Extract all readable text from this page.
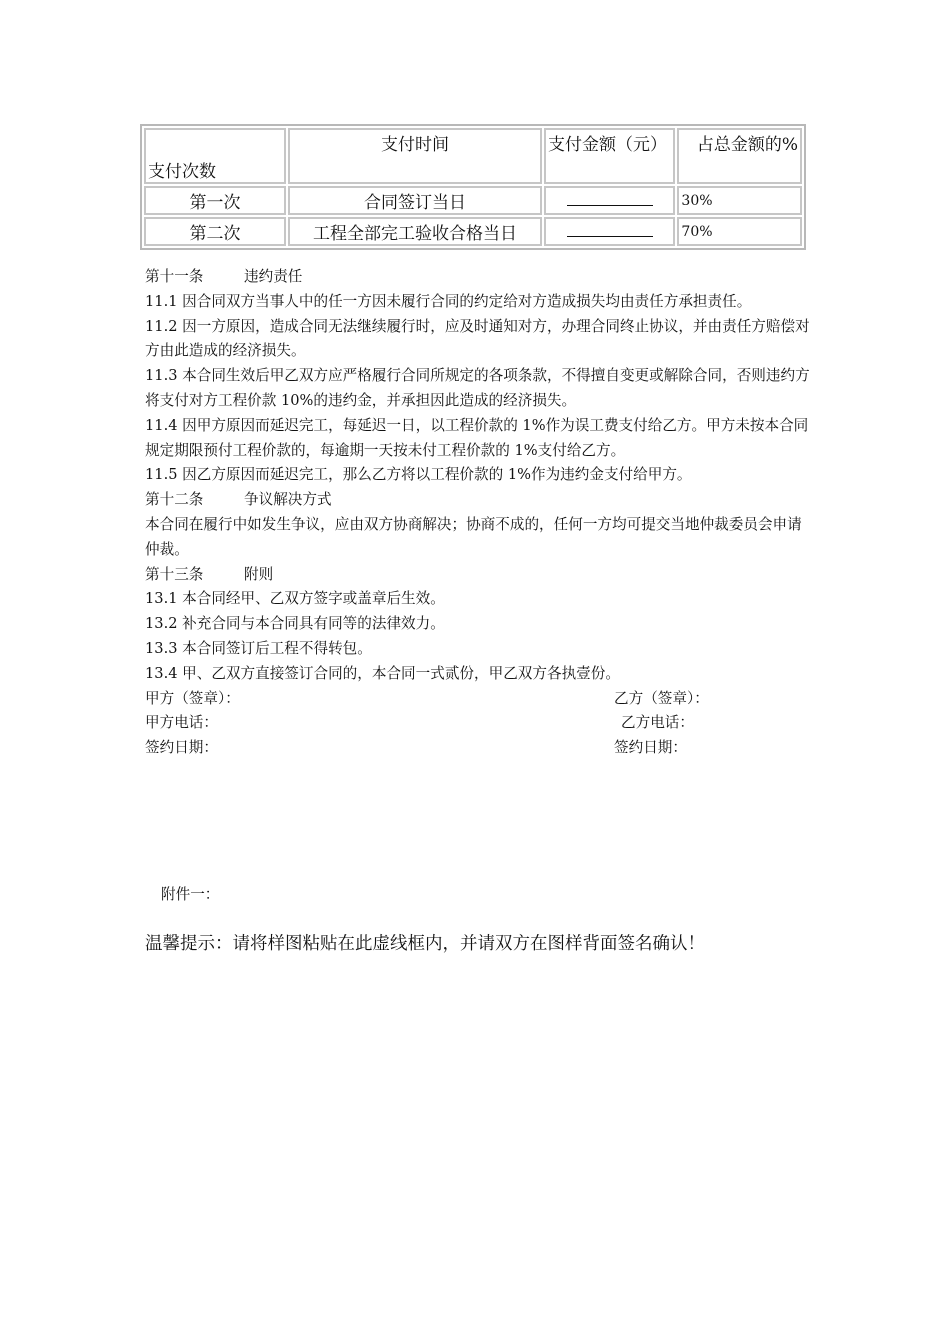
支付次数	支付时间	支付金额（元）	占总金额的%
第一次	合同签订当日		30%
第二次	工程全部完工验收合格当日		70%

第十一条	违约责任

11.1 因合同双方当事人中的任一方因未履行合同的约定给对方造成损失均由责任方承担责任。

11.2 因一方原因，造成合同无法继续履行时，应及时通知对方，办理合同终止协议，并由责任方赔偿对方由此造成的经济损失。

11.3 本合同生效后甲乙双方应严格履行合同所规定的各项条款，不得擅自变更或解除合同，否则违约方将支付对方工程价款 10%的违约金，并承担因此造成的经济损失。

11.4 因甲方原因而延迟完工，每延迟一日，以工程价款的 1%作为误工费支付给乙方。甲方未按本合同规定期限预付工程价款的，每逾期一天按未付工程价款的 1%支付给乙方。

11.5 因乙方原因而延迟完工，那么乙方将以工程价款的 1%作为违约金支付给甲方。

第十二条	争议解决方式

本合同在履行中如发生争议，应由双方协商解决；协商不成的，任何一方均可提交当地仲裁委员会申请仲裁。

第十三条	附则

13.1 本合同经甲、乙双方签字或盖章后生效。

13.2 补充合同与本合同具有同等的法律效力。

13.3 本合同签订后工程不得转包。

13.4 甲、乙双方直接签订合同的，本合同一式贰份，甲乙双方各执壹份。

甲方（签章）：	乙方（签章）：
甲方电话：	乙方电话：
签约日期：	签约日期：
附件一：
温馨提示：请将样图粘贴在此虚线框内，并请双方在图样背面签名确认！
